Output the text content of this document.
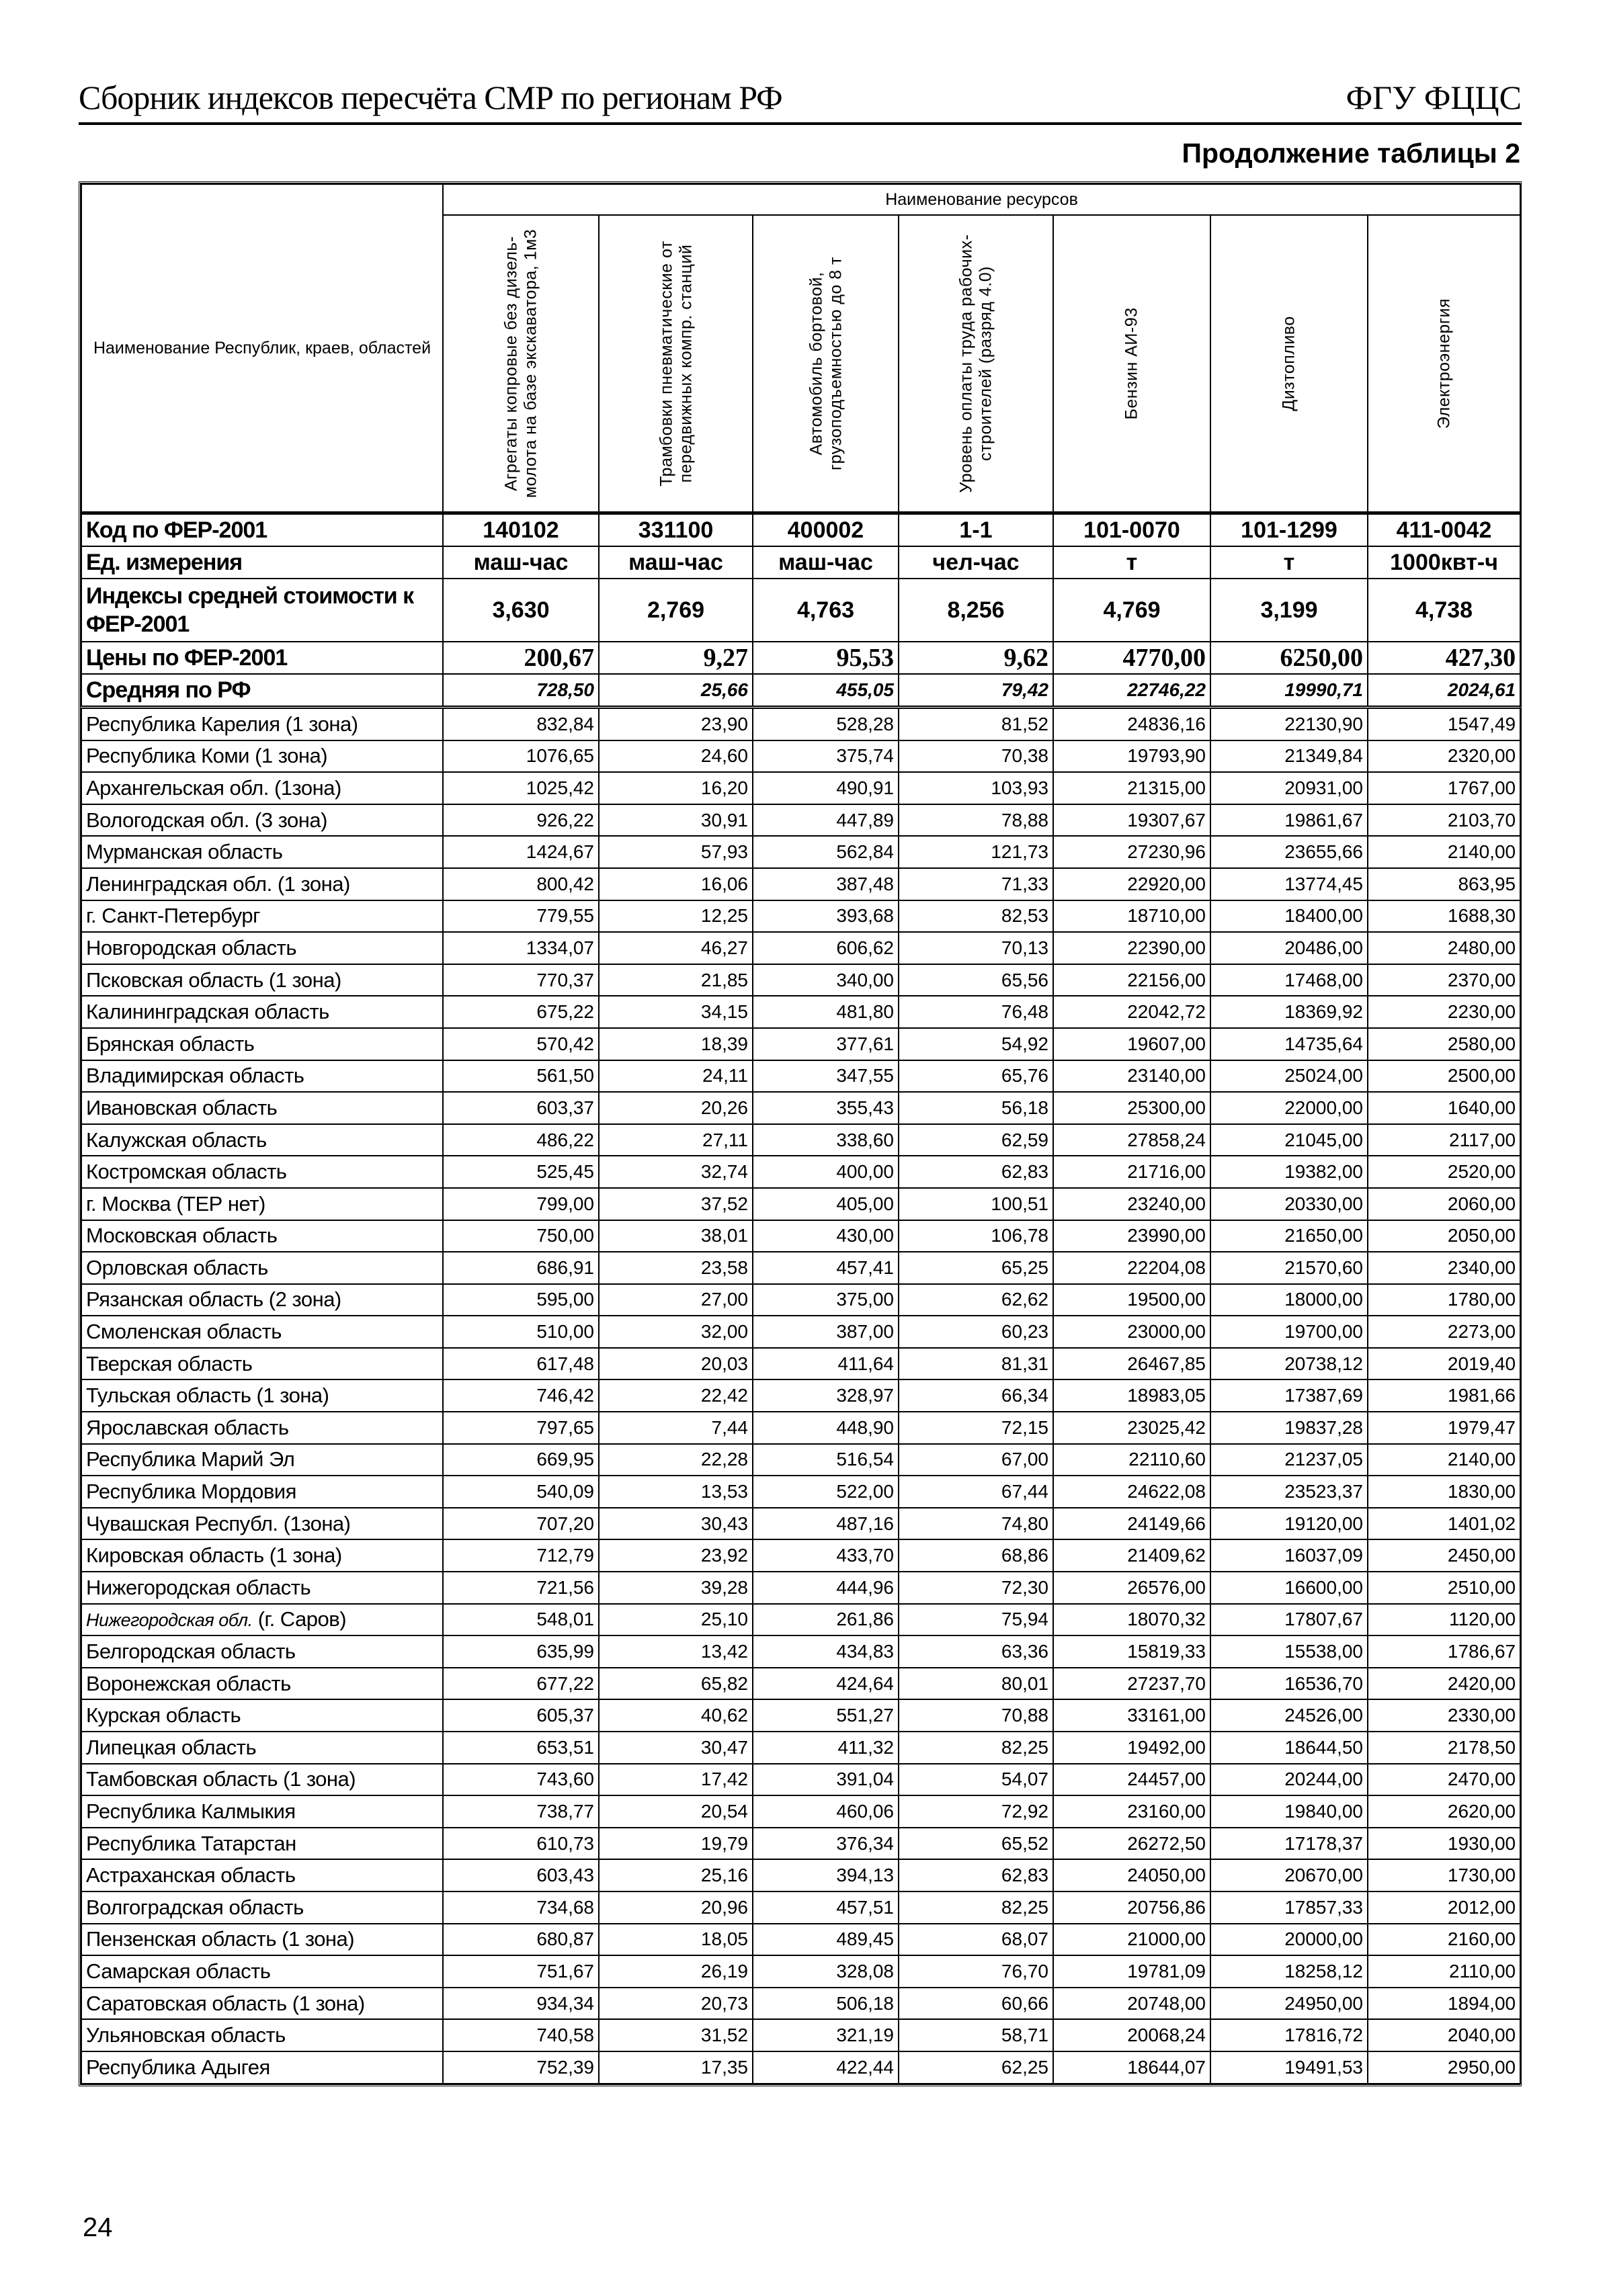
Сборник индексов пересчёта СМР по регионам РФ	ФГУ ФЦЦС
Продолжение таблицы 2
Наименование Республик, краев, областей	Наименование ресурсов						

	Агрегаты копровые без дизель-молота на базе экскаватора, 1м3	Трамбовки пневматические от передвижных компр. станций	Автомобиль бортовой, грузоподъемностью до 8 т	Уровень оплаты труда рабочих-строителей (разряд 4.0)	Бензин АИ-93	Дизтопливо	Электроэнергия

Код по ФЕР-2001	140102	331100	400002	1-1	101-0070	101-1299	411-0042
Ед. измерения	маш-час	маш-час	маш-час	чел-час	т	т	1000квт-ч
Индексы средней стоимости к ФЕР-2001	3,630	2,769	4,763	8,256	4,769	3,199	4,738
Цены по ФЕР-2001	200,67	9,27	95,53	9,62	4770,00	6250,00	427,30
Средняя по РФ	728,50	25,66	455,05	79,42	22746,22	19990,71	2024,61
Республика Карелия (1 зона)	832,84	23,90	528,28	81,52	24836,16	22130,90	1547,49
Республика Коми (1 зона)	1076,65	24,60	375,74	70,38	19793,90	21349,84	2320,00
Архангельская обл. (1зона)	1025,42	16,20	490,91	103,93	21315,00	20931,00	1767,00
Вологодская обл. (3 зона)	926,22	30,91	447,89	78,88	19307,67	19861,67	2103,70
Мурманская область	1424,67	57,93	562,84	121,73	27230,96	23655,66	2140,00
Ленинградская обл. (1 зона)	800,42	16,06	387,48	71,33	22920,00	13774,45	863,95
г. Санкт-Петербург	779,55	12,25	393,68	82,53	18710,00	18400,00	1688,30
Новгородская область	1334,07	46,27	606,62	70,13	22390,00	20486,00	2480,00
Псковская область (1 зона)	770,37	21,85	340,00	65,56	22156,00	17468,00	2370,00
Калининградская область	675,22	34,15	481,80	76,48	22042,72	18369,92	2230,00
Брянская область	570,42	18,39	377,61	54,92	19607,00	14735,64	2580,00
Владимирская область	561,50	24,11	347,55	65,76	23140,00	25024,00	2500,00
Ивановская область	603,37	20,26	355,43	56,18	25300,00	22000,00	1640,00
Калужская область	486,22	27,11	338,60	62,59	27858,24	21045,00	2117,00
Костромская область	525,45	32,74	400,00	62,83	21716,00	19382,00	2520,00
г. Москва (ТЕР нет)	799,00	37,52	405,00	100,51	23240,00	20330,00	2060,00
Московская область	750,00	38,01	430,00	106,78	23990,00	21650,00	2050,00
Орловская область	686,91	23,58	457,41	65,25	22204,08	21570,60	2340,00
Рязанская область (2 зона)	595,00	27,00	375,00	62,62	19500,00	18000,00	1780,00
Смоленская область	510,00	32,00	387,00	60,23	23000,00	19700,00	2273,00
Тверская область	617,48	20,03	411,64	81,31	26467,85	20738,12	2019,40
Тульская область (1 зона)	746,42	22,42	328,97	66,34	18983,05	17387,69	1981,66
Ярославская область	797,65	7,44	448,90	72,15	23025,42	19837,28	1979,47
Республика Марий Эл	669,95	22,28	516,54	67,00	22110,60	21237,05	2140,00
Республика Мордовия	540,09	13,53	522,00	67,44	24622,08	23523,37	1830,00
Чувашская Республ. (1зона)	707,20	30,43	487,16	74,80	24149,66	19120,00	1401,02
Кировская область (1 зона)	712,79	23,92	433,70	68,86	21409,62	16037,09	2450,00
Нижегородская область	721,56	39,28	444,96	72,30	26576,00	16600,00	2510,00
Нижегородская обл. (г. Саров)	548,01	25,10	261,86	75,94	18070,32	17807,67	1120,00
Белгородская область	635,99	13,42	434,83	63,36	15819,33	15538,00	1786,67
Воронежская область	677,22	65,82	424,64	80,01	27237,70	16536,70	2420,00
Курская область	605,37	40,62	551,27	70,88	33161,00	24526,00	2330,00
Липецкая область	653,51	30,47	411,32	82,25	19492,00	18644,50	2178,50
Тамбовская область (1 зона)	743,60	17,42	391,04	54,07	24457,00	20244,00	2470,00
Республика Калмыкия	738,77	20,54	460,06	72,92	23160,00	19840,00	2620,00
Республика Татарстан	610,73	19,79	376,34	65,52	26272,50	17178,37	1930,00
Астраханская область	603,43	25,16	394,13	62,83	24050,00	20670,00	1730,00
Волгоградская область	734,68	20,96	457,51	82,25	20756,86	17857,33	2012,00
Пензенская область (1 зона)	680,87	18,05	489,45	68,07	21000,00	20000,00	2160,00
Самарская область	751,67	26,19	328,08	76,70	19781,09	18258,12	2110,00
Саратовская область (1 зона)	934,34	20,73	506,18	60,66	20748,00	24950,00	1894,00
Ульяновская область	740,58	31,52	321,19	58,71	20068,24	17816,72	2040,00
Республика Адыгея	752,39	17,35	422,44	62,25	18644,07	19491,53	2950,00
24
